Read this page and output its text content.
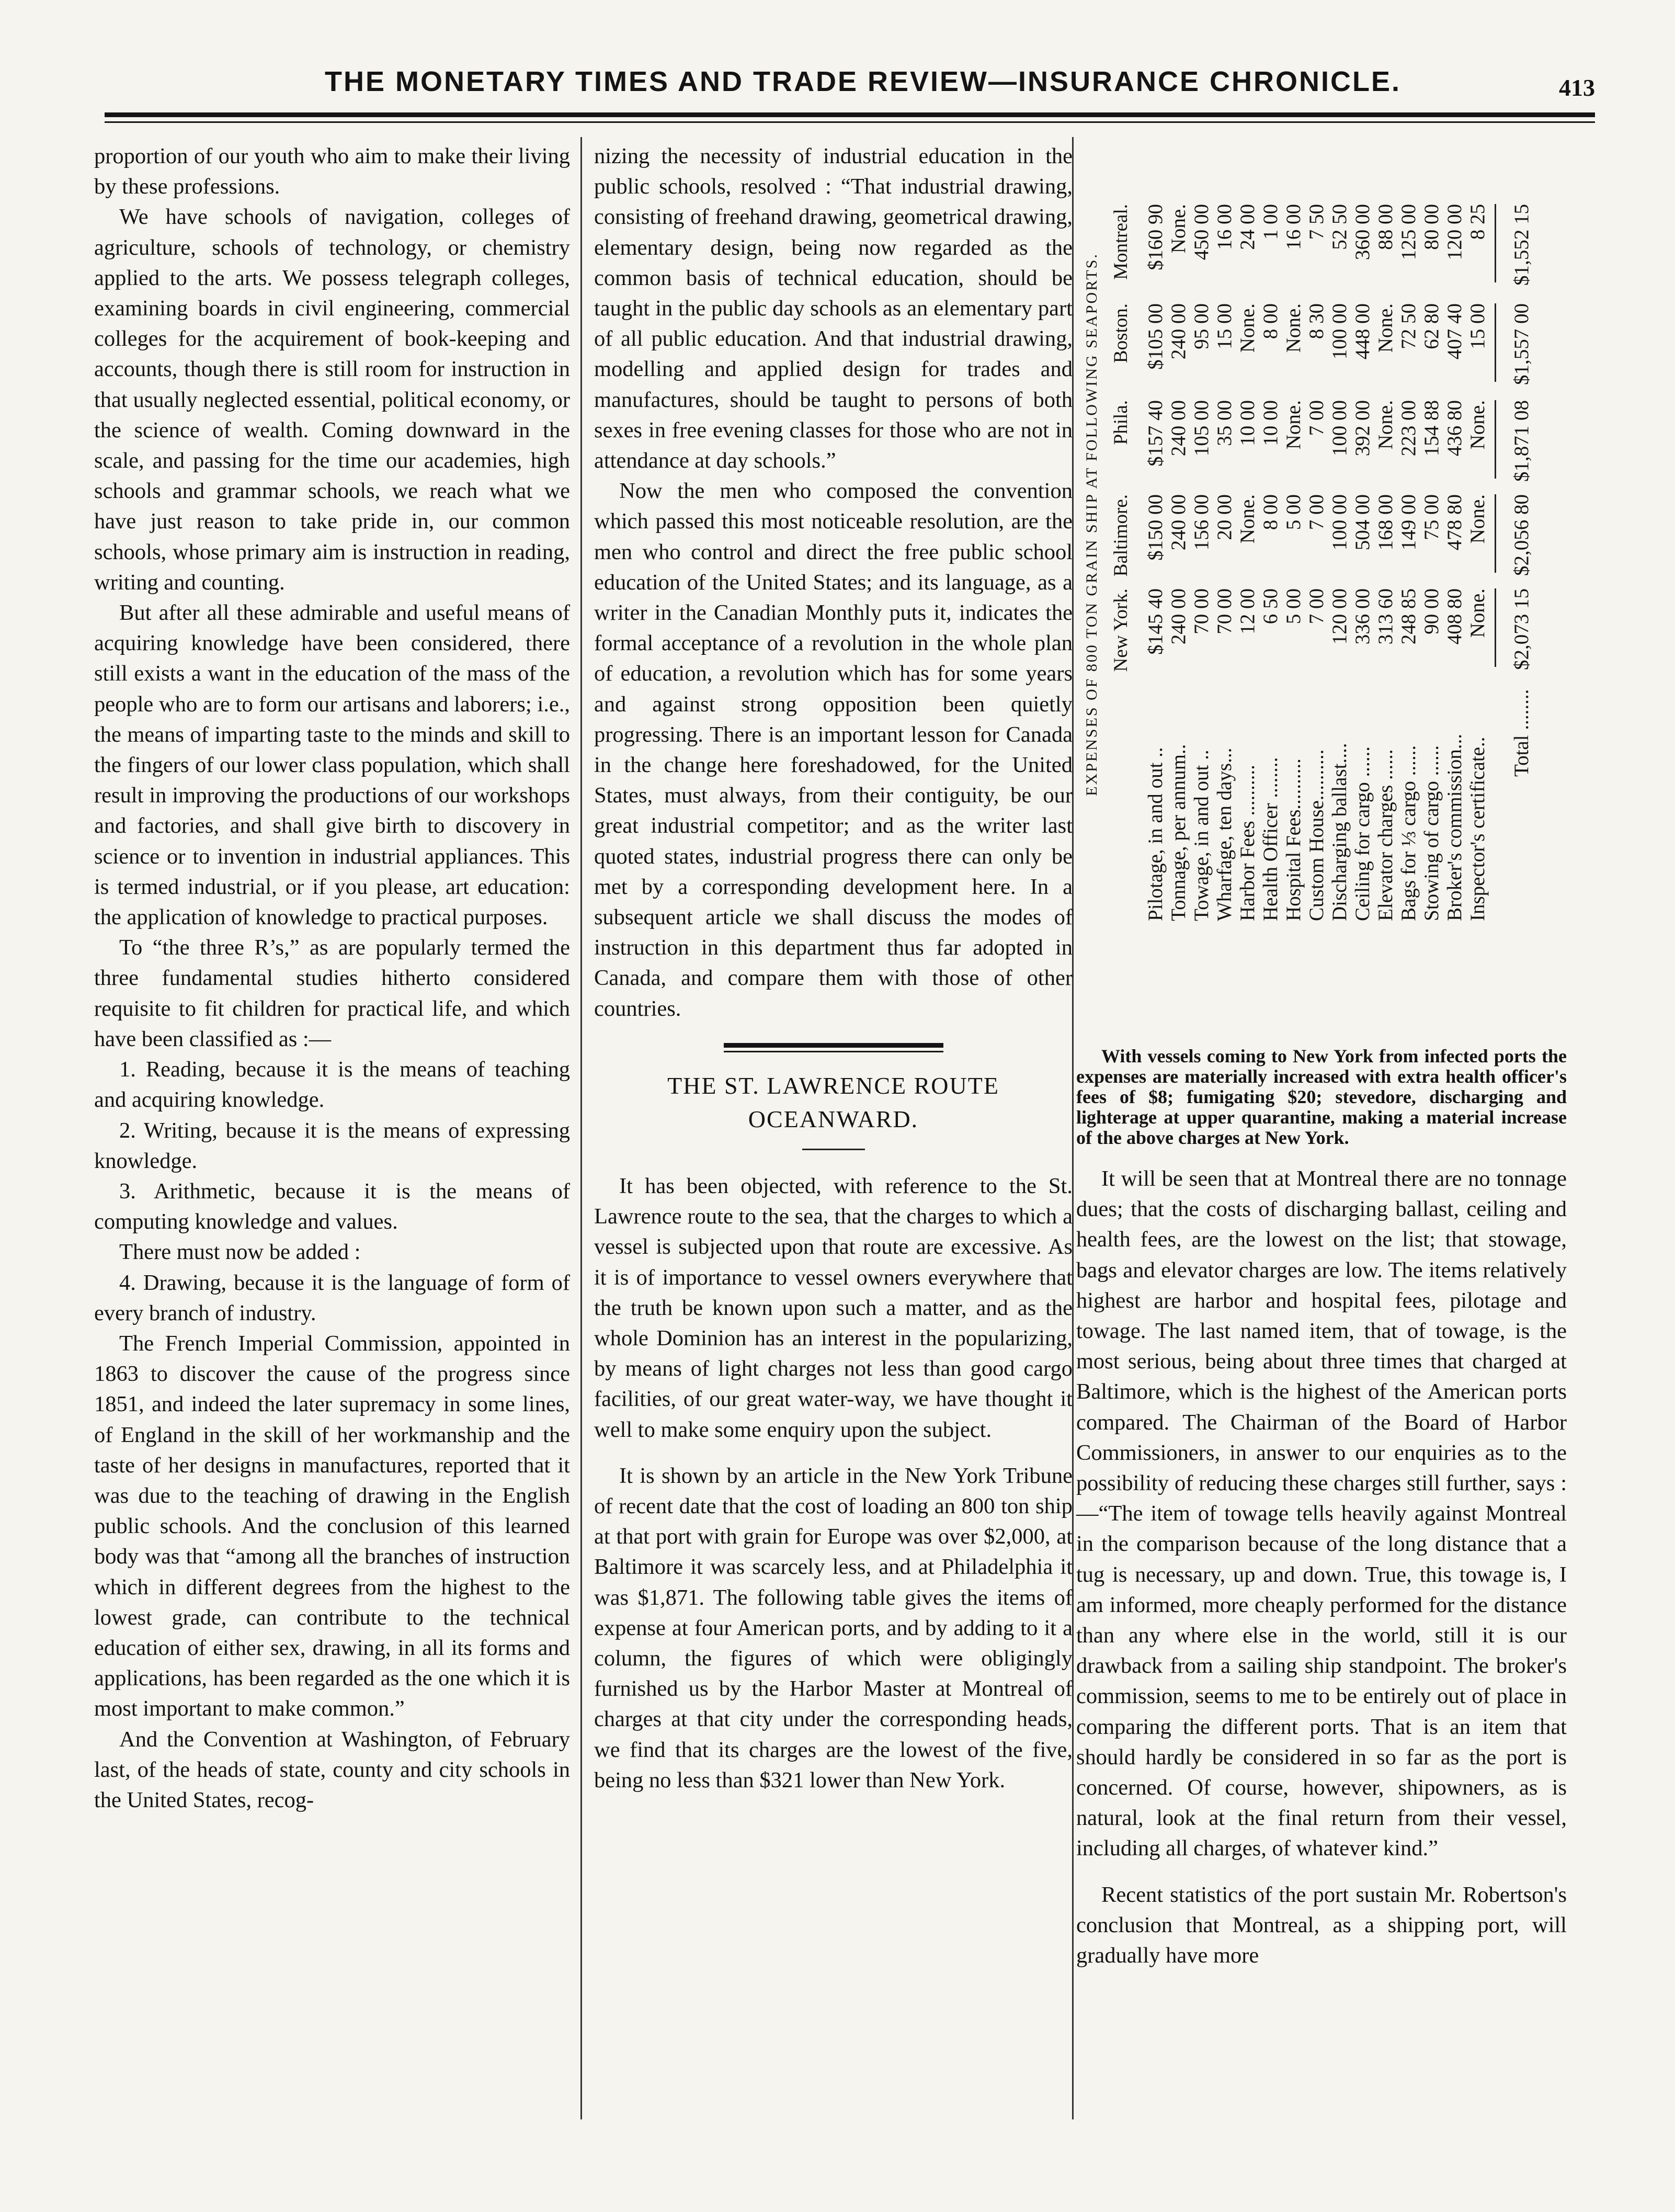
THE MONETARY TIMES AND TRADE REVIEW—INSURANCE CHRONICLE.	413

proportion of our youth who aim to make their living by these professions.

We have schools of navigation, colleges of agriculture, schools of technology, or chemistry applied to the arts. We possess telegraph colleges, examining boards in civil engineering, commercial colleges for the acquirement of book-keeping and accounts, though there is still room for instruction in that usually neglected essential, political economy, or the science of wealth. Coming downward in the scale, and passing for the time our academies, high schools and grammar schools, we reach what we have just reason to take pride in, our common schools, whose primary aim is instruction in reading, writing and counting.

But after all these admirable and useful means of acquiring knowledge have been considered, there still exists a want in the education of the mass of the people who are to form our artisans and laborers; i.e., the means of imparting taste to the minds and skill to the fingers of our lower class population, which shall result in improving the productions of our workshops and factories, and shall give birth to discovery in science or to invention in industrial appliances. This is termed industrial, or if you please, art education: the application of knowledge to practical purposes.

To “the three R’s,” as are popularly termed the three fundamental studies hitherto considered requisite to fit children for practical life, and which have been classified as :—

1. Reading, because it is the means of teaching and acquiring knowledge.

2. Writing, because it is the means of expressing knowledge.

3. Arithmetic, because it is the means of computing knowledge and values.

There must now be added :

4. Drawing, because it is the language of form of every branch of industry.

The French Imperial Commission, appointed in 1863 to discover the cause of the progress since 1851, and indeed the later supremacy in some lines, of England in the skill of her workmanship and the taste of her designs in manufactures, reported that it was due to the teaching of drawing in the English public schools. And the conclusion of this learned body was that “among all the branches of instruction which in different degrees from the highest to the lowest grade, can contribute to the technical education of either sex, drawing, in all its forms and applications, has been regarded as the one which it is most important to make common.”

And the Convention at Washington, of February last, of the heads of state, county and city schools in the United States, recog-

nizing the necessity of industrial education in the public schools, resolved : “That industrial drawing, consisting of freehand drawing, geometrical drawing, elementary design, being now regarded as the common basis of technical education, should be taught in the public day schools as an elementary part of all public education. And that industrial drawing, modelling and applied design for trades and manufactures, should be taught to persons of both sexes in free evening classes for those who are not in attendance at day schools.”

Now the men who composed the convention which passed this most noticeable resolution, are the men who control and direct the free public school education of the United States; and its language, as a writer in the Canadian Monthly puts it, indicates the formal acceptance of a revolution in the whole plan of education, a revolution which has for some years and against strong opposition been quietly progressing. There is an important lesson for Canada in the change here foreshadowed, for the United States, must always, from their contiguity, be our great industrial competitor; and as the writer last quoted states, industrial progress there can only be met by a corresponding development here. In a subsequent article we shall discuss the modes of instruction in this department thus far adopted in Canada, and compare them with those of other countries.

THE ST. LAWRENCE ROUTE
OCEANWARD.

It has been objected, with reference to the St. Lawrence route to the sea, that the charges to which a vessel is subjected upon that route are excessive. As it is of importance to vessel owners everywhere that the truth be known upon such a matter, and as the whole Dominion has an interest in the popularizing, by means of light charges not less than good cargo facilities, of our great water-way, we have thought it well to make some enquiry upon the subject.

It is shown by an article in the New York Tribune of recent date that the cost of loading an 800 ton ship at that port with grain for Europe was over $2,000, at Baltimore it was scarcely less, and at Philadelphia it was $1,871. The following table gives the items of expense at four American ports, and by adding to it a column, the figures of which were obligingly furnished us by the Harbor Master at Montreal of charges at that city under the corresponding heads, we find that its charges are the lowest of the five, being no less than $321 lower than New York.

EXPENSES OF 800 TON GRAIN SHIP AT FOLLOWING SEAPORTS. New York.
Baltimore.
Phila.
Boston.
Montreal.
Pilotage, in and out ..
$145 40
$150 00
$157 40
$105 00
$160 90
Tonnage, per annum..
240 00
240 00
240 00
240 00
None.
Towage, in and out ..
70 00
156 00
105 00
95 00
450 00
Wharfage, ten days...
70 00
20 00
35 00
15 00
16 00
Harbor Fees ..........
12 00
None.
10 00
None.
24 00
Health Officer ........
6 50
8 00
10 00
8 00
1 00
Hospital Fees..........
5 00
5 00
None.
None.
16 00
Custom House..........
7 00
7 00
7 00
8 30
7 50
Discharging ballast....
120 00
100 00
100 00
100 00
52 50
Ceiling for cargo ......
336 00
504 00
392 00
448 00
360 00
Elevator charges ......
313 60
168 00
None.
None.
88 00
Bags for ⅓ cargo ......
248 85
149 00
223 00
72 50
125 00
Stowing of cargo ......
90 00
75 00
154 88
62 80
80 00
Broker's commission...
408 80
478 80
436 80
407 40
120 00
Inspector's certificate..
None.
None.
None.
15 00
8 25
Total ........
$2,073 15
$2,056 80
$1,871 08
$1,557 00
$1,552 15

With vessels coming to New York from infected ports the expenses are materially increased with extra health officer's fees of $8; fumigating $20; stevedore, discharging and lighterage at upper quarantine, making a material increase of the above charges at New York.

It will be seen that at Montreal there are no tonnage dues; that the costs of discharging ballast, ceiling and health fees, are the lowest on the list; that stowage, bags and elevator charges are low. The items relatively highest are harbor and hospital fees, pilotage and towage. The last named item, that of towage, is the most serious, being about three times that charged at Baltimore, which is the highest of the American ports compared. The Chairman of the Board of Harbor Commissioners, in answer to our enquiries as to the possibility of reducing these charges still further, says :—“The item of towage tells heavily against Montreal in the comparison because of the long distance that a tug is necessary, up and down. True, this towage is, I am informed, more cheaply performed for the distance than any where else in the world, still it is our drawback from a sailing ship standpoint. The broker's commission, seems to me to be entirely out of place in comparing the different ports. That is an item that should hardly be considered in so far as the port is concerned. Of course, however, shipowners, as is natural, look at the final return from their vessel, including all charges, of whatever kind.”

Recent statistics of the port sustain Mr. Robertson's conclusion that Montreal, as a shipping port, will gradually have more
